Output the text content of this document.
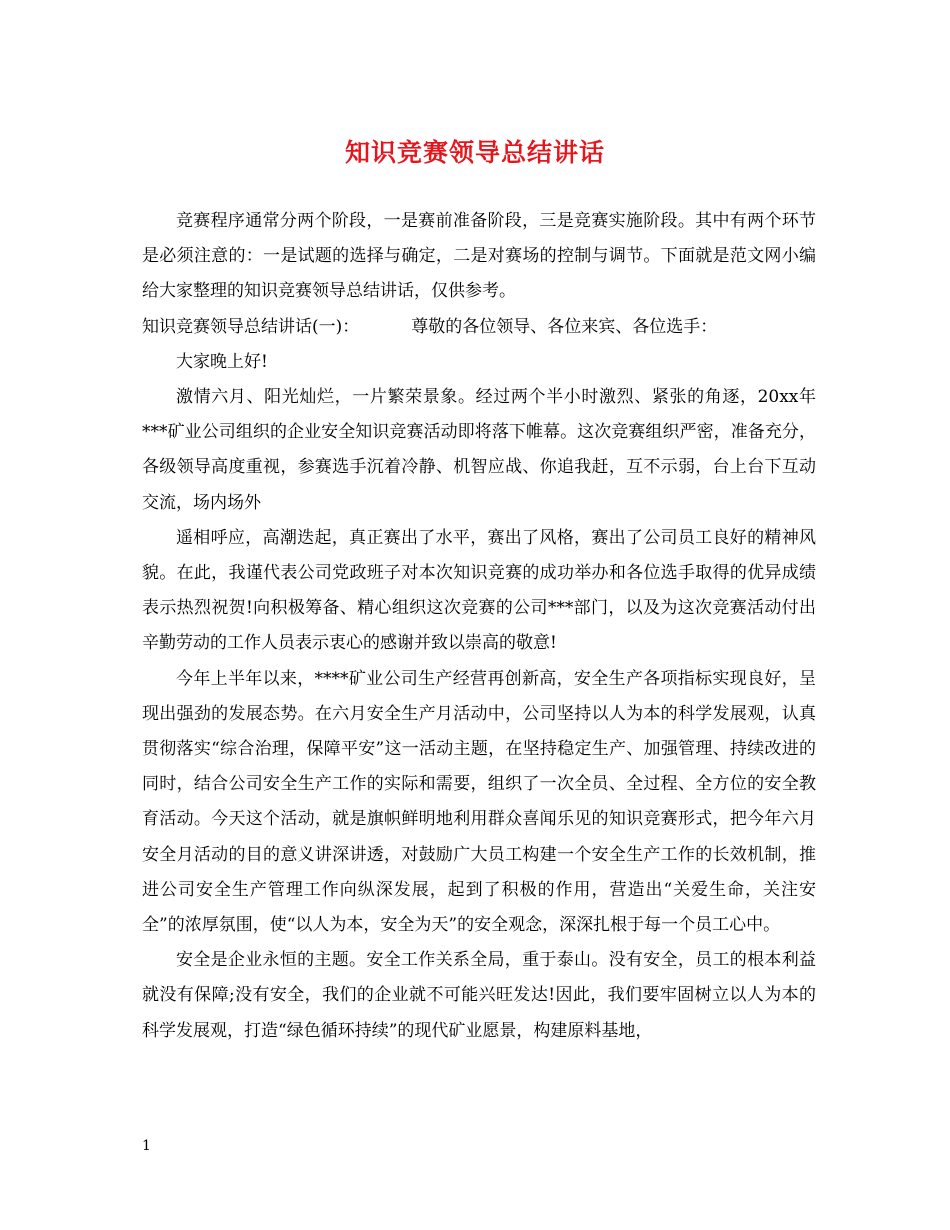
知识竞赛领导总结讲话

竞赛程序通常分两个阶段，一是赛前准备阶段，三是竞赛实施阶段。其中有两个环节是必须注意的：一是试题的选择与确定，二是对赛场的控制与调节。下面就是范文网小编给大家整理的知识竞赛领导总结讲话，仅供参考。

知识竞赛领导总结讲话(一)：	尊敬的各位领导、各位来宾、各位选手：

大家晚上好!

激情六月、阳光灿烂，一片繁荣景象。经过两个半小时激烈、紧张的角逐，20xx年***矿业公司组织的企业安全知识竞赛活动即将落下帷幕。这次竞赛组织严密，准备充分，各级领导高度重视，参赛选手沉着冷静、机智应战、你追我赶，互不示弱，台上台下互动交流，场内场外

遥相呼应，高潮迭起，真正赛出了水平，赛出了风格，赛出了公司员工良好的精神风貌。在此，我谨代表公司党政班子对本次知识竞赛的成功举办和各位选手取得的优异成绩表示热烈祝贺!向积极筹备、精心组织这次竞赛的公司***部门，以及为这次竞赛活动付出辛勤劳动的工作人员表示衷心的感谢并致以崇高的敬意!

今年上半年以来，****矿业公司生产经营再创新高，安全生产各项指标实现良好，呈现出强劲的发展态势。在六月安全生产月活动中，公司坚持以人为本的科学发展观，认真贯彻落实“综合治理，保障平安”这一活动主题，在坚持稳定生产、加强管理、持续改进的同时，结合公司安全生产工作的实际和需要，组织了一次全员、全过程、全方位的安全教育活动。今天这个活动，就是旗帜鲜明地利用群众喜闻乐见的知识竞赛形式，把今年六月安全月活动的目的意义讲深讲透，对鼓励广大员工构建一个安全生产工作的长效机制，推进公司安全生产管理工作向纵深发展，起到了积极的作用，营造出“关爱生命，关注安全”的浓厚氛围，使“以人为本，安全为天”的安全观念，深深扎根于每一个员工心中。

安全是企业永恒的主题。安全工作关系全局，重于泰山。没有安全，员工的根本利益就没有保障;没有安全，我们的企业就不可能兴旺发达!因此，我们要牢固树立以人为本的科学发展观，打造“绿色循环持续”的现代矿业愿景，构建原料基地，

1
